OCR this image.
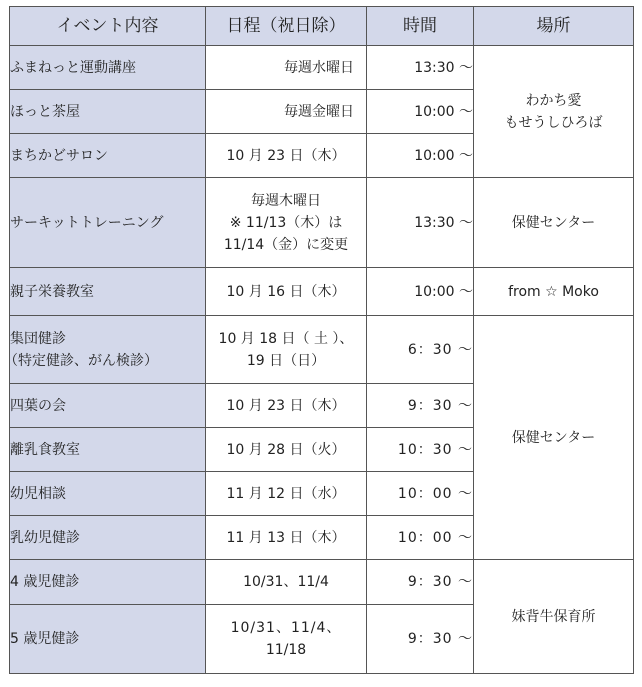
イベント内容	日程（祝日除）	時間	場所
ふまねっと運動講座	毎週水曜日	13:30 〜	わかち愛
もせうしひろば

ほっと茶屋	毎週金曜日	10:00 〜	
まちかどサロン	10 月 23 日（木）	10:00 〜	
サーキットトレーニング	毎週木曜日
※ 11/13（木）は
11/14（金）に変更	13:30 〜	保健センター
親子栄養教室	10 月 16 日（木）	10:00 〜	from ☆ Moko

集団健診
（特定健診、がん検診）	10 月 18 日（ 土 ）、
19 日（日）	6：30 〜	保健センター
四葉の会	10 月 23 日（木）	9：30 〜	
離乳食教室	10 月 28 日（火）	10：30 〜	
幼児相談	11 月 12 日（水）	10：00 〜	
乳幼児健診	11 月 13 日（木）	10：00 〜	
4 歳児健診	10/31、11/4	9：30 〜	妹背牛保育所
5 歳児健診	10/31、11/4、
11/18	9：30 〜	
